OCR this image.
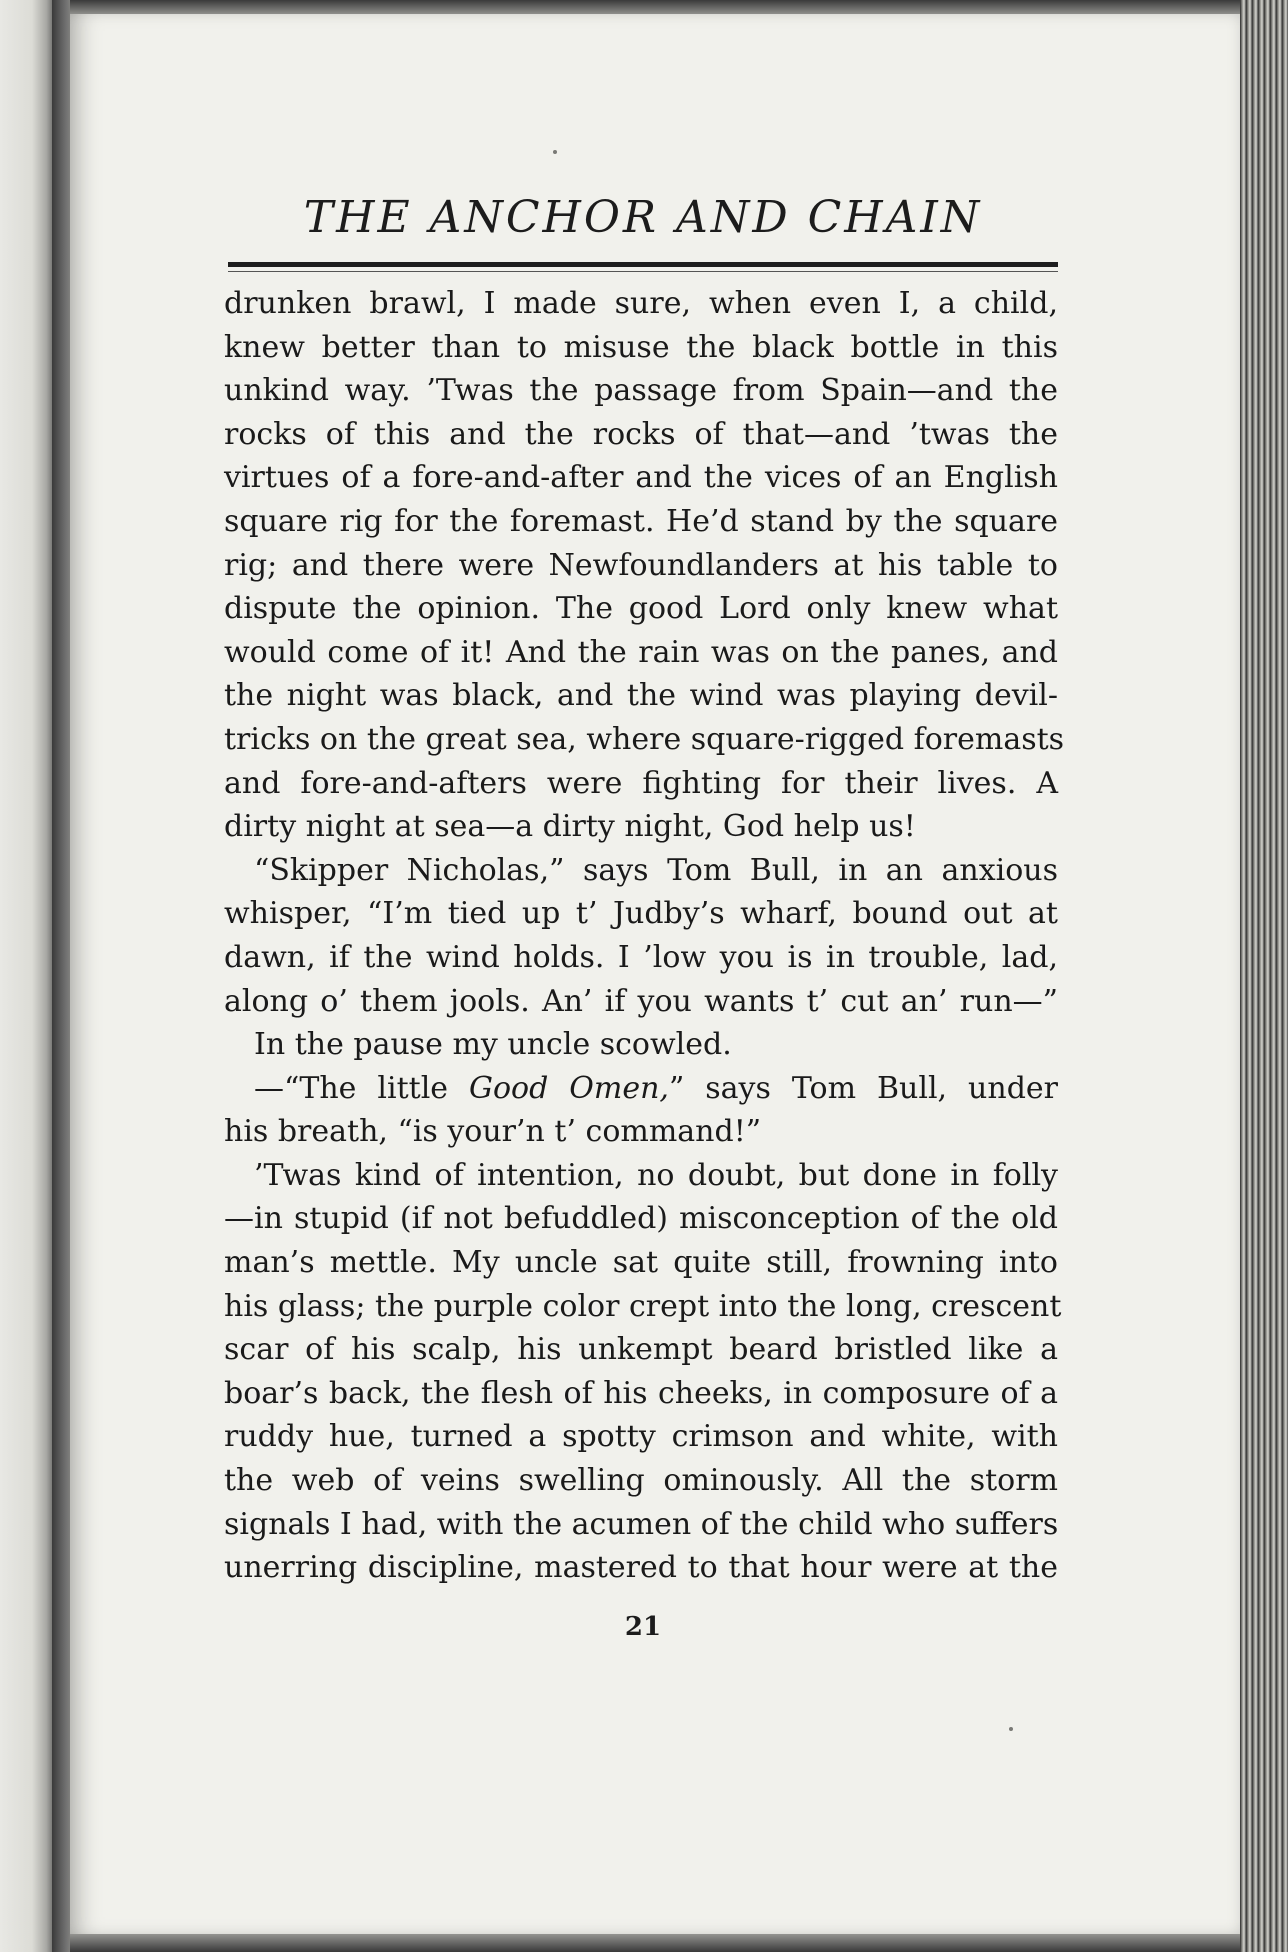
THE ANCHOR AND CHAIN
drunken brawl, I made sure, when even I, a child,
knew better than to misuse the black bottle in this
unkind way. ’Twas the passage from Spain—and the
rocks of this and the rocks of that—and ’twas the
virtues of a fore-and-after and the vices of an English
square rig for the foremast. He’d stand by the square
rig; and there were Newfoundlanders at his table to
dispute the opinion. The good Lord only knew what
would come of it! And the rain was on the panes, and
the night was black, and the wind was playing devil-
tricks on the great sea, where square-rigged foremasts
and fore-and-afters were fighting for their lives. A
dirty night at sea—a dirty night, God help us!
“Skipper Nicholas,” says Tom Bull, in an anxious
whisper, “I’m tied up t’ Judby’s wharf, bound out at
dawn, if the wind holds. I ’low you is in trouble, lad,
along o’ them jools. An’ if you wants t’ cut an’ run—”
In the pause my uncle scowled.
—“The little Good Omen,” says Tom Bull, under
his breath, “is your’n t’ command!”
’Twas kind of intention, no doubt, but done in folly
—in stupid (if not befuddled) misconception of the old
man’s mettle. My uncle sat quite still, frowning into
his glass; the purple color crept into the long, crescent
scar of his scalp, his unkempt beard bristled like a
boar’s back, the flesh of his cheeks, in composure of a
ruddy hue, turned a spotty crimson and white, with
the web of veins swelling ominously. All the storm
signals I had, with the acumen of the child who suffers
unerring discipline, mastered to that hour were at the
21
